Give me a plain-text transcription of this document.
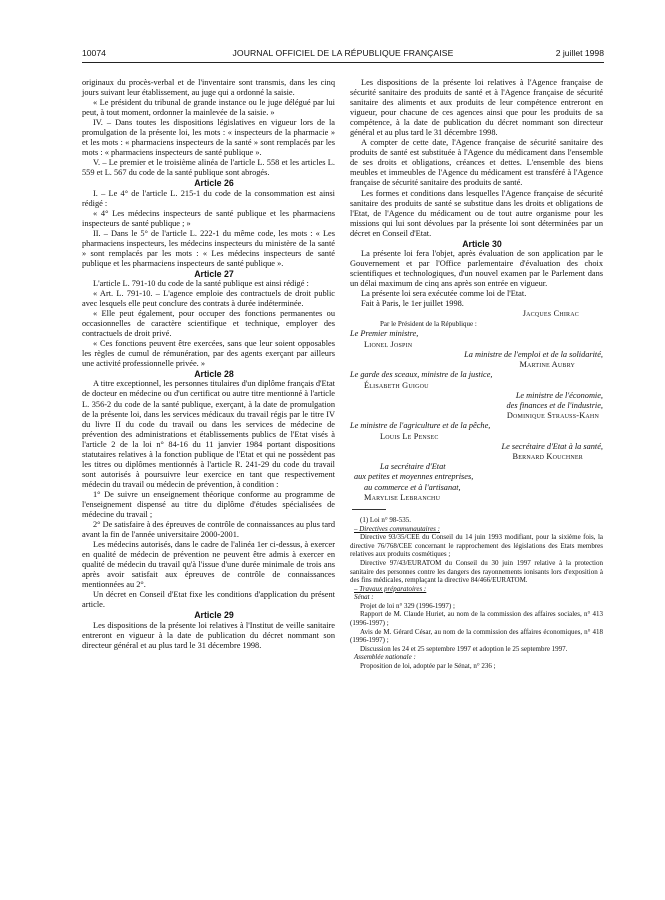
10074	JOURNAL OFFICIEL DE LA RÉPUBLIQUE FRANÇAISE	2 juillet 1998

originaux du procès-verbal et de l'inventaire sont transmis, dans les cinq jours suivant leur établissement, au juge qui a ordonné la saisie.

« Le président du tribunal de grande instance ou le juge délégué par lui peut, à tout moment, ordonner la mainlevée de la saisie. »

IV. – Dans toutes les dispositions législatives en vigueur lors de la promulgation de la présente loi, les mots : « inspecteurs de la pharmacie » et les mots : « pharmaciens inspecteurs de la santé » sont remplacés par les mots : « pharmaciens inspecteurs de santé publique ».

V. – Le premier et le troisième alinéa de l'article L. 558 et les articles L. 559 et L. 567 du code de la santé publique sont abrogés.

Article 26

I. – Le 4° de l'article L. 215-1 du code de la consommation est ainsi rédigé :

« 4° Les médecins inspecteurs de santé publique et les pharmaciens inspecteurs de santé publique ; »

II. – Dans le 5° de l'article L. 222-1 du même code, les mots : « Les pharmaciens inspecteurs, les médecins inspecteurs du ministère de la santé » sont remplacés par les mots : « Les médecins inspecteurs de santé publique et les pharmaciens inspecteurs de santé publique ».

Article 27

L'article L. 791-10 du code de la santé publique est ainsi rédigé :

« Art. L. 791-10. – L'agence emploie des contractuels de droit public avec lesquels elle peut conclure des contrats à durée indéterminée.

« Elle peut également, pour occuper des fonctions permanentes ou occasionnelles de caractère scientifique et technique, employer des contractuels de droit privé.

« Ces fonctions peuvent être exercées, sans que leur soient opposables les règles de cumul de rémunération, par des agents exerçant par ailleurs une activité professionnelle privée. »

Article 28

A titre exceptionnel, les personnes titulaires d'un diplôme français d'Etat de docteur en médecine ou d'un certificat ou autre titre mentionné à l'article L. 356-2 du code de la santé publique, exerçant, à la date de promulgation de la présente loi, dans les services médicaux du travail régis par le titre IV du livre II du code du travail ou dans les services de médecine de prévention des administrations et établissements publics de l'Etat visés à l'article 2 de la loi n° 84-16 du 11 janvier 1984 portant dispositions statutaires relatives à la fonction publique de l'Etat et qui ne possèdent pas les titres ou diplômes mentionnés à l'article R. 241-29 du code du travail sont autorisés à poursuivre leur exercice en tant que respectivement médecin du travail ou médecin de prévention, à condition :

1° De suivre un enseignement théorique conforme au programme de l'enseignement dispensé au titre du diplôme d'études spécialisées de médecine du travail ;

2° De satisfaire à des épreuves de contrôle de connaissances au plus tard avant la fin de l'année universitaire 2000-2001.

Les médecins autorisés, dans le cadre de l'alinéa 1er ci-dessus, à exercer en qualité de médecin de prévention ne peuvent être admis à exercer en qualité de médecin du travail qu'à l'issue d'une durée minimale de trois ans après avoir satisfait aux épreuves de contrôle de connaissances mentionnées au 2°.

Un décret en Conseil d'Etat fixe les conditions d'application du présent article.

Article 29

Les dispositions de la présente loi relatives à l'Institut de veille sanitaire entreront en vigueur à la date de publication du décret nommant son directeur général et au plus tard le 31 décembre 1998.

Les dispositions de la présente loi relatives à l'Agence française de sécurité sanitaire des produits de santé et à l'Agence française de sécurité sanitaire des aliments et aux produits de leur compétence entreront en vigueur, pour chacune de ces agences ainsi que pour les produits de sa compétence, à la date de publication du décret nommant son directeur général et au plus tard le 31 décembre 1998.

A compter de cette date, l'Agence française de sécurité sanitaire des produits de santé est substituée à l'Agence du médicament dans l'ensemble de ses droits et obligations, créances et dettes. L'ensemble des biens meubles et immeubles de l'Agence du médicament est transféré à l'Agence française de sécurité sanitaire des produits de santé.

Les formes et conditions dans lesquelles l'Agence française de sécurité sanitaire des produits de santé se substitue dans les droits et obligations de l'Etat, de l'Agence du médicament ou de tout autre organisme pour les missions qui lui sont dévolues par la présente loi sont déterminées par un décret en Conseil d'Etat.

Article 30

La présente loi fera l'objet, après évaluation de son application par le Gouvernement et par l'Office parlementaire d'évaluation des choix scientifiques et technologiques, d'un nouvel examen par le Parlement dans un délai maximum de cinq ans après son entrée en vigueur.

La présente loi sera exécutée comme loi de l'Etat.

Fait à Paris, le 1er juillet 1998.

Jacques Chirac
Par le Président de la République :
Le Premier ministre,
Lionel Jospin
La ministre de l'emploi et de la solidarité,
Martine Aubry
Le garde des sceaux, ministre de la justice,
Élisabeth Guigou
Le ministre de l'économie,
des finances et de l'industrie,
Dominique Strauss-Kahn
Le ministre de l'agriculture et de la pêche,
Louis Le Pensec
Le secrétaire d'Etat à la santé,
Bernard Kouchner
La secrétaire d'Etat
aux petites et moyennes entreprises,
au commerce et à l'artisanat,
Marylise Lebranchu

(1) Loi n° 98-535.

– Directives communautaires :

Directive 93/35/CEE du Conseil du 14 juin 1993 modifiant, pour la sixième fois, la directive 76/768/CEE concernant le rapprochement des législations des Etats membres relatives aux produits cosmétiques ;

Directive 97/43/EURATOM du Conseil du 30 juin 1997 relative à la protection sanitaire des personnes contre les dangers des rayonnements ionisants lors d'exposition à des fins médicales, remplaçant la directive 84/466/EURATOM.

– Travaux préparatoires :

Sénat :

Projet de loi n° 329 (1996-1997) ;

Rapport de M. Claude Huriet, au nom de la commission des affaires sociales, n° 413 (1996-1997) ;

Avis de M. Gérard César, au nom de la commission des affaires économiques, n° 418 (1996-1997) ;

Discussion les 24 et 25 septembre 1997 et adoption le 25 septembre 1997.

Assemblée nationale :

Proposition de loi, adoptée par le Sénat, n° 236 ;
